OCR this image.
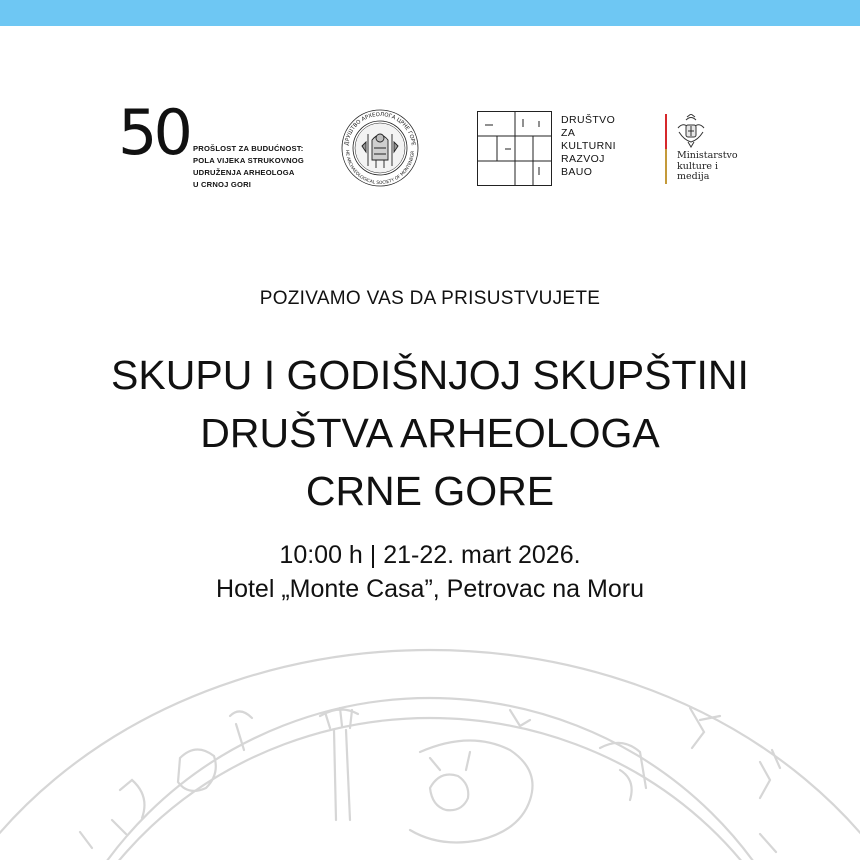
50 PROŠLOST ZA BUDUĆNOST:
POLA VIJEKA STRUKOVNOG
UDRUŽENJA ARHEOLOGA
U CRNOJ GORI
ДРУШТВО АРХЕОЛОГА ЦРНЕ ГОРЕ
HE ARCHAEOLOGICAL SOCIETY OF MONTENEGR
DRUŠTVO
ZA
KULTURNI
RAZVOJ
BAUO
Ministarstvo
kulture i
medija
POZIVAMO VAS DA PRISUSTVUJETE
SKUPU I GODIŠNJOJ SKUPŠTINI
DRUŠTVA ARHEOLOGA
CRNE GORE
10:00 h | 21-22. mart 2026.
Hotel „Monte Casa”, Petrovac na Moru
